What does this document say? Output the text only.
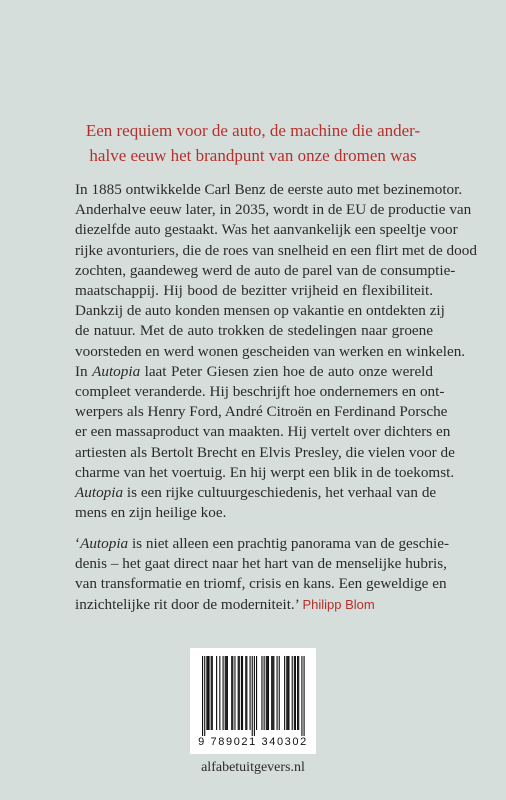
Een requiem voor de auto, de machine die ander-
halve eeuw het brandpunt van onze dromen was
In 1885 ontwikkelde Carl Benz de eerste auto met bezinemotor.
Anderhalve eeuw later, in 2035, wordt in de EU de productie van
diezelfde auto gestaakt. Was het aanvankelijk een speeltje voor
rijke avonturiers, die de roes van snelheid en een flirt met de dood
zochten, gaandeweg werd de auto de parel van de consumptie-
maatschappij. Hij bood de bezitter vrijheid en flexibiliteit.
Dankzij de auto konden mensen op vakantie en ontdekten zij
de natuur. Met de auto trokken de stedelingen naar groene
voorsteden en werd wonen gescheiden van werken en winkelen.
In Autopia laat Peter Giesen zien hoe de auto onze wereld
compleet veranderde. Hij beschrijft hoe ondernemers en ont-
werpers als Henry Ford, André Citroën en Ferdinand Porsche
er een massaproduct van maakten. Hij vertelt over dichters en
artiesten als Bertolt Brecht en Elvis Presley, die vielen voor de
charme van het voertuig. En hij werpt een blik in de toekomst.
Autopia is een rijke cultuurgeschiedenis, het verhaal van de
mens en zijn heilige koe.
‘Autopia is niet alleen een prachtig panorama van de geschie-
denis – het gaat direct naar het hart van de menselijke hubris,
van transformatie en triomf, crisis en kans. Een geweldige en
inzichtelijke rit door de moderniteit.’ Philipp Blom
9 789021 340302
alfabetuitgevers.nl
